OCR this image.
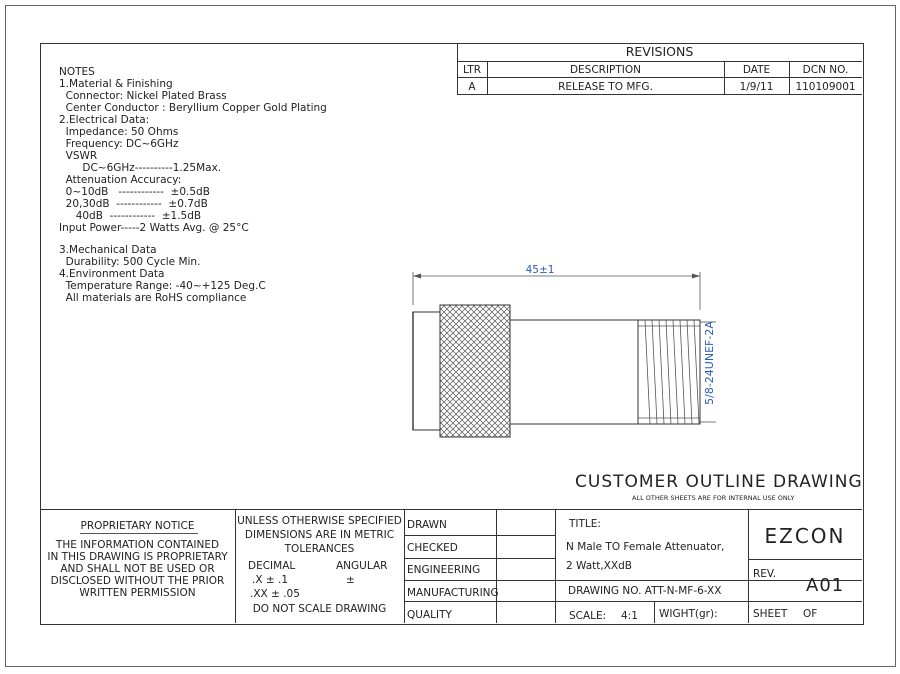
NOTES
1.Material & Finishing
Connector: Nickel Plated Brass
Center Conductor : Beryllium Copper Gold Plating
2.Electrical Data:
Impedance: 50 Ohms
Frequency: DC~6GHz
VSWR
DC~6GHz----------1.25Max.
Attenuation Accuracy:
0~10dB   ------------  ±0.5dB
20,30dB  ------------  ±0.7dB
40dB  ------------  ±1.5dB
Input Power-----2 Watts Avg. @ 25°C
3.Mechanical Data
Durability: 500 Cycle Min.
4.Environment Data
Temperature Range: -40~+125 Deg.C
All materials are RoHS compliance
REVISIONS
LTR	DESCRIPTION	DATE	DCN NO.
A	RELEASE TO MFG.	1/9/11	110109001
45±1
5/8-24UNEF-2A
CUSTOMER OUTLINE DRAWING
ALL OTHER SHEETS ARE FOR INTERNAL USE ONLY
PROPRIETARY NOTICE
THE INFORMATION CONTAINED
IN THIS DRAWING IS PROPRIETARY
AND SHALL NOT BE USED OR
DISCLOSED WITHOUT THE PRIOR
WRITTEN PERMISSION
UNLESS OTHERWISE SPECIFIED
DIMENSIONS ARE IN METRIC
TOLERANCES
DECIMAL	ANGULAR
.X ± .1	±
.XX ± .05
DO NOT SCALE DRAWING
DRAWN
CHECKED
ENGINEERING
MANUFACTURING
QUALITY
TITLE:
N Male TO Female Attenuator,
2 Watt,XXdB
DRAWING NO. ATT-N-MF-6-XX
SCALE: 4:1 WIGHT(gr):
EZCON
REV.
A01
SHEET OF
